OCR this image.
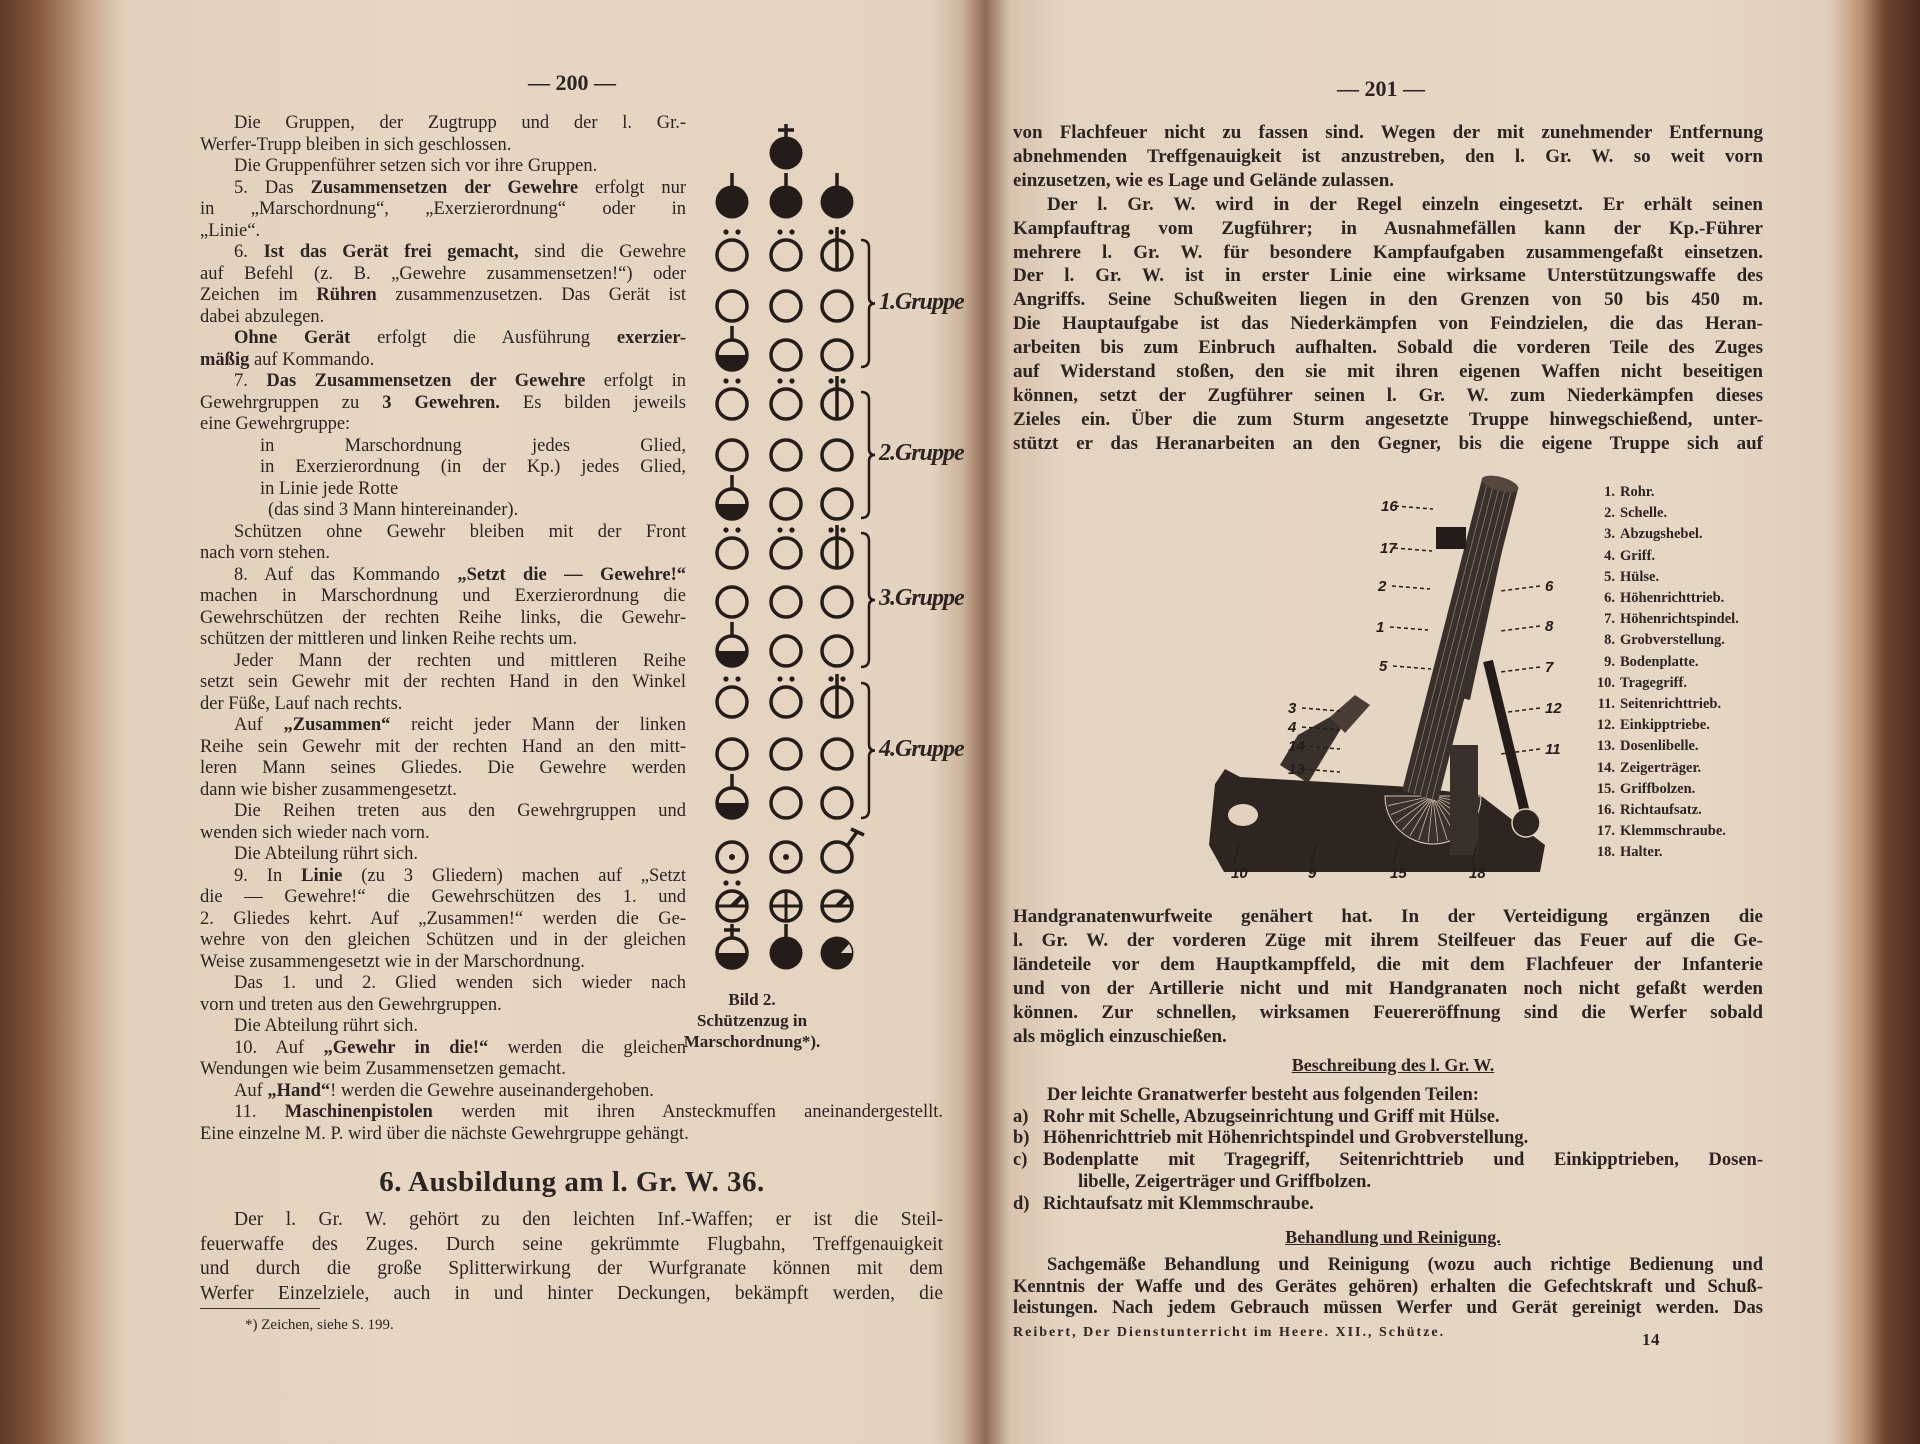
— 200 —
Die Gruppen, der Zugtrupp und der l. Gr.-
Werfer-Trupp bleiben in sich geschlossen.
Die Gruppenführer setzen sich vor ihre Gruppen.
5. Das Zusammensetzen der Gewehre erfolgt nur
in „Marschordnung“, „Exerzierordnung“ oder in
„Linie“.
6. Ist das Gerät frei gemacht, sind die Gewehre
auf Befehl (z. B. „Gewehre zusammensetzen!“) oder
Zeichen im Rühren zusammenzusetzen. Das Gerät ist
dabei abzulegen.
Ohne Gerät erfolgt die Ausführung exerzier-
mäßig auf Kommando.
7. Das Zusammensetzen der Gewehre erfolgt in
Gewehrgruppen zu 3 Gewehren. Es bilden jeweils
eine Gewehrgruppe:
in Marschordnung jedes Glied,
in Exerzierordnung (in der Kp.) jedes Glied,
in Linie jede Rotte
(das sind 3 Mann hintereinander).
Schützen ohne Gewehr bleiben mit der Front
nach vorn stehen.
8. Auf das Kommando „Setzt die — Gewehre!“
machen in Marschordnung und Exerzierordnung die
Gewehrschützen der rechten Reihe links, die Gewehr-
schützen der mittleren und linken Reihe rechts um.
Jeder Mann der rechten und mittleren Reihe
setzt sein Gewehr mit der rechten Hand in den Winkel
der Füße, Lauf nach rechts.
Auf „Zusammen“ reicht jeder Mann der linken
Reihe sein Gewehr mit der rechten Hand an den mitt-
leren Mann seines Gliedes. Die Gewehre werden
dann wie bisher zusammengesetzt.
Die Reihen treten aus den Gewehrgruppen und
wenden sich wieder nach vorn.
Die Abteilung rührt sich.
9. In Linie (zu 3 Gliedern) machen auf „Setzt
die — Gewehre!“ die Gewehrschützen des 1. und
2. Gliedes kehrt. Auf „Zusammen!“ werden die Ge-
wehre von den gleichen Schützen und in der gleichen
Weise zusammengesetzt wie in der Marschordnung.
Das 1. und 2. Glied wenden sich wieder nach
vorn und treten aus den Gewehrgruppen.
Die Abteilung rührt sich.
10. Auf „Gewehr in die!“ werden die gleichen
Wendungen wie beim Zusammensetzen gemacht.
Auf „Hand“! werden die Gewehre auseinandergehoben.
11. Maschinenpistolen werden mit ihren Ansteckmuffen aneinandergestellt.
Eine einzelne M. P. wird über die nächste Gewehrgruppe gehängt.
1.Gruppe
2.Gruppe
3.Gruppe
4.Gruppe
Bild 2.
Schützenzug in
Marschordnung*).
6. Ausbildung am l. Gr. W. 36.
Der l. Gr. W. gehört zu den leichten Inf.-Waffen; er ist die Steil-
feuerwaffe des Zuges. Durch seine gekrümmte Flugbahn, Treffgenauigkeit
und durch die große Splitterwirkung der Wurfgranate können mit dem
Werfer Einzelziele, auch in und hinter Deckungen, bekämpft werden, die
*) Zeichen, siehe S. 199.
— 201 —
von Flachfeuer nicht zu fassen sind. Wegen der mit zunehmender Entfernung
abnehmenden Treffgenauigkeit ist anzustreben, den l. Gr. W. so weit vorn
einzusetzen, wie es Lage und Gelände zulassen.
Der l. Gr. W. wird in der Regel einzeln eingesetzt. Er erhält seinen
Kampfauftrag vom Zugführer; in Ausnahmefällen kann der Kp.-Führer
mehrere l. Gr. W. für besondere Kampfaufgaben zusammengefaßt einsetzen.
Der l. Gr. W. ist in erster Linie eine wirksame Unterstützungswaffe des
Angriffs. Seine Schußweiten liegen in den Grenzen von 50 bis 450 m.
Die Hauptaufgabe ist das Niederkämpfen von Feindzielen, die das Heran-
arbeiten bis zum Einbruch aufhalten. Sobald die vorderen Teile des Zuges
auf Widerstand stoßen, den sie mit ihren eigenen Waffen nicht beseitigen
können, setzt der Zugführer seinen l. Gr. W. zum Niederkämpfen dieses
Zieles ein. Über die zum Sturm angesetzte Truppe hinwegschießend, unter-
stützt er das Heranarbeiten an den Gegner, bis die eigene Truppe sich auf
16
17
2
1
5
3
4
14
13
6
8
7
12
11
10	9	15	18
1. Rohr.
2. Schelle.
3. Abzugshebel.
4. Griff.
5. Hülse.
6. Höhenrichttrieb.
7. Höhenrichtspindel.
8. Grobverstellung.
9. Bodenplatte.
10. Tragegriff.
11. Seitenrichttrieb.
12. Einkipptriebe.
13. Dosenlibelle.
14. Zeigerträger.
15. Griffbolzen.
16. Richtaufsatz.
17. Klemmschraube.
18. Halter.
Handgranatenwurfweite genähert hat. In der Verteidigung ergänzen die
l. Gr. W. der vorderen Züge mit ihrem Steilfeuer das Feuer auf die Ge-
ländeteile vor dem Hauptkampffeld, die mit dem Flachfeuer der Infanterie
und von der Artillerie nicht und mit Handgranaten noch nicht gefaßt werden
können. Zur schnellen, wirksamen Feuereröffnung sind die Werfer sobald
als möglich einzuschießen.
Beschreibung des l. Gr. W.
Der leichte Granatwerfer besteht aus folgenden Teilen:
a) Rohr mit Schelle, Abzugseinrichtung und Griff mit Hülse.
b) Höhenrichttrieb mit Höhenrichtspindel und Grobverstellung.
c) Bodenplatte mit Tragegriff, Seitenrichttrieb und Einkipptrieben, Dosen-
libelle, Zeigerträger und Griffbolzen.
d) Richtaufsatz mit Klemmschraube.
Behandlung und Reinigung.
Sachgemäße Behandlung und Reinigung (wozu auch richtige Bedienung und
Kenntnis der Waffe und des Gerätes gehören) erhalten die Gefechtskraft und Schuß-
leistungen. Nach jedem Gebrauch müssen Werfer und Gerät gereinigt werden. Das
Reibert, Der Dienstunterricht im Heere. XII., Schütze.	14
